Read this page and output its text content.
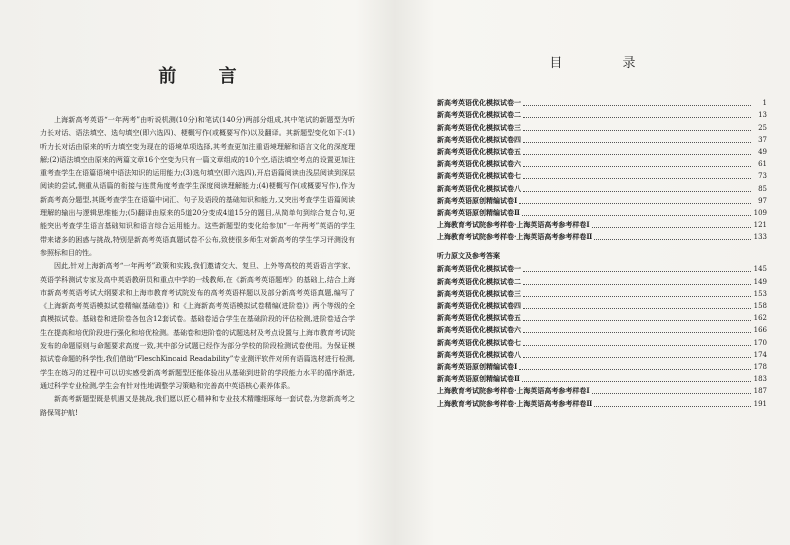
前 言

上海新高考英语“一年两考”由听说机测(10分)和笔试(140分)两部分组成,其中笔试的新题型为听力长对话、语法填空、选句填空(即六选四)、梗概写作(或概要写作)以及翻译。其新题型变化如下:(1)听力长对话由原来的听力填空变为现在的语境单项选择,其考查更加注重语境理解和语言文化的深度理解;(2)语法填空由原来的两篇文章16个空变为只有一篇文章组成的10个空,语法填空考点的设置更加注重考查学生在语篇语境中语法知识的运用能力;(3)选句填空(即六选四),开启语篇阅读由浅层阅读到深层阅读的尝试,侧重从语篇的衔接与连贯角度考查学生深度阅读理解能力;(4)梗概写作(或概要写作),作为新高考高分题型,其既考查学生在语篇中词汇、句子及语段的基础知识和能力,又突出考查学生语篇阅读理解的输出与逻辑思维能力;(5)翻译由原来的5道20分变成4道15分的题目,从简单句到综合复合句,更能突出考查学生语言基础知识和语言综合运用能力。这些新题型的变化给参加“一年两考”英语的学生带来诸多的困惑与挑战,特别是新高考英语真题试卷不公布,致使很多师生对新高考的学生学习评测没有参照标和目的性。

因此,针对上海新高考“一年两考”政策和实践,我们邀请交大、复旦、上外等高校的英语语言学家、英语学科测试专家及高中英语教研员和重点中学的一线教师,在《新高考英语题库》的基础上,结合上海市新高考英语考试大纲要求和上海市教育考试院发布的高考英语样题以及部分新高考英语真题,编写了《上海新高考英语模拟试卷精编(基础卷)》和《上海新高考英语模拟试卷精编(进阶卷)》两个等级的全真模拟试卷。基础卷和进阶卷各包含12套试卷。基础卷适合学生在基础阶段的评估检测,进阶卷适合学生在提高和培优阶段进行强化和培优检测。基础卷和进阶卷的试题选材及考点设置与上海市教育考试院发布的命题原则与命题要求高度一致,其中部分试题已经作为部分学校的阶段检测试卷使用。为保证模拟试卷命题的科学性,我们借助“FleschKincaid Readability”专业测评软件对所有语篇选材进行检测,学生在练习的过程中可以切实感受新高考新题型还能体验出从基础到进阶的学段能力水平的循序渐进,通过科学专业检测,学生会有针对性地调整学习策略和完善高中英语核心素养体系。

新高考新题型既是机遇又是挑战,我们愿以匠心精神和专业技术精雕细琢每一套试卷,为您新高考之路保驾护航!

目 录
新高考英语优化模拟试卷一	1
新高考英语优化模拟试卷二	13
新高考英语优化模拟试卷三	25
新高考英语优化模拟试卷四	37
新高考英语优化模拟试卷五	49
新高考英语优化模拟试卷六	61
新高考英语优化模拟试卷七	73
新高考英语优化模拟试卷八	85
新高考英语原创精编试卷Ⅰ	97
新高考英语原创精编试卷Ⅱ	109
上海教育考试院参考样卷·上海英语高考参考样卷Ⅰ	121
上海教育考试院参考样卷·上海英语高考参考样卷Ⅱ	133
听力原文及参考答案
新高考英语优化模拟试卷一	145
新高考英语优化模拟试卷二	149
新高考英语优化模拟试卷三	153
新高考英语优化模拟试卷四	158
新高考英语优化模拟试卷五	162
新高考英语优化模拟试卷六	166
新高考英语优化模拟试卷七	170
新高考英语优化模拟试卷八	174
新高考英语原创精编试卷Ⅰ	178
新高考英语原创精编试卷Ⅱ	183
上海教育考试院参考样卷·上海英语高考参考样卷Ⅰ	187
上海教育考试院参考样卷·上海英语高考参考样卷Ⅱ	191
